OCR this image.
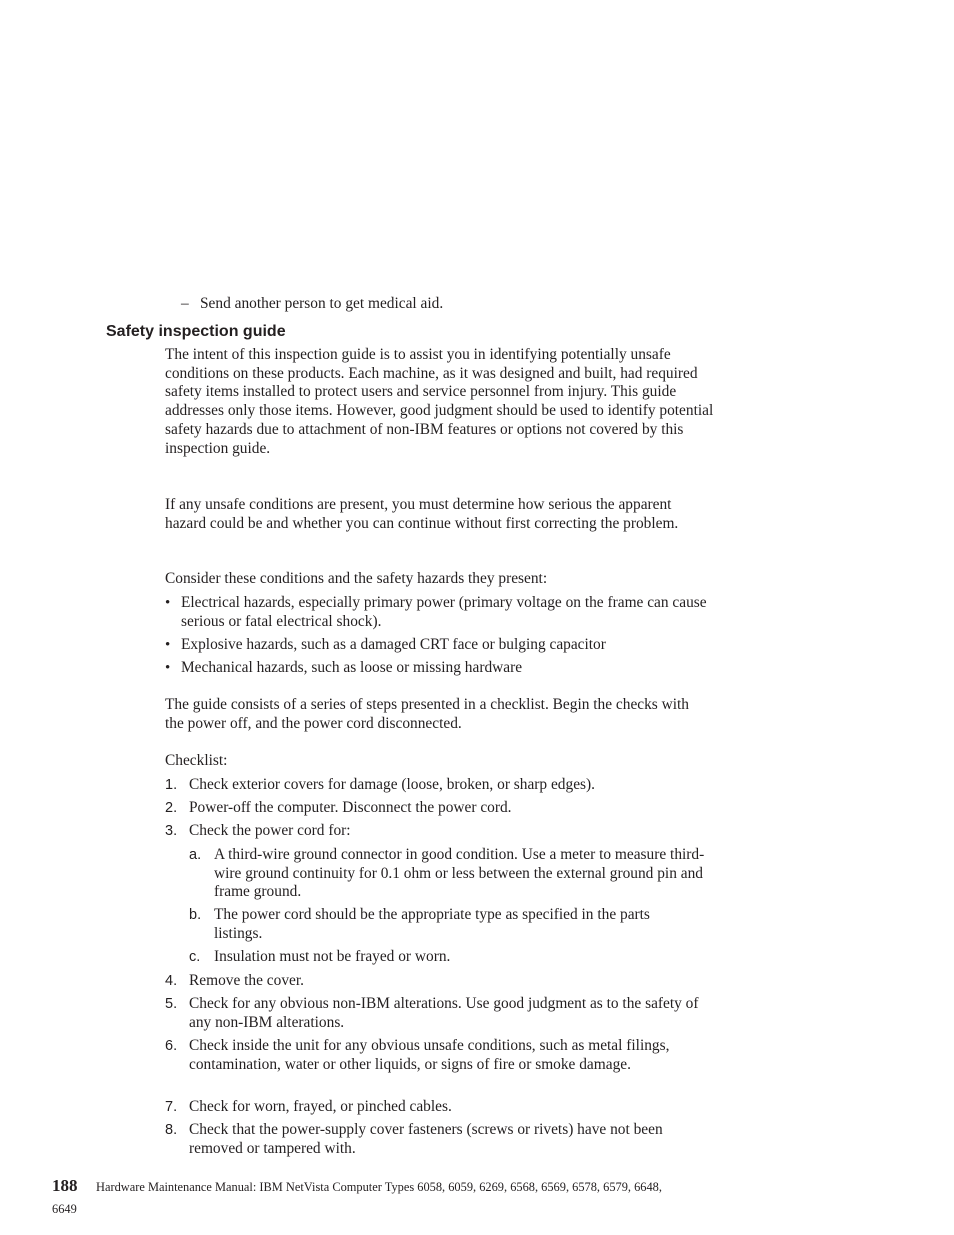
– Send another person to get medical aid.
Safety inspection guide
The intent of this inspection guide is to assist you in identifying potentially unsafe conditions on these products. Each machine, as it was designed and built, had required safety items installed to protect users and service personnel from injury. This guide addresses only those items. However, good judgment should be used to identify potential safety hazards due to attachment of non-IBM features or options not covered by this inspection guide.
If any unsafe conditions are present, you must determine how serious the apparent hazard could be and whether you can continue without first correcting the problem.
Consider these conditions and the safety hazards they present:
• Electrical hazards, especially primary power (primary voltage on the frame can cause serious or fatal electrical shock).
• Explosive hazards, such as a damaged CRT face or bulging capacitor
• Mechanical hazards, such as loose or missing hardware
The guide consists of a series of steps presented in a checklist. Begin the checks with the power off, and the power cord disconnected.
Checklist:
1. Check exterior covers for damage (loose, broken, or sharp edges).
2. Power-off the computer. Disconnect the power cord.
3. Check the power cord for:
a. A third-wire ground connector in good condition. Use a meter to measure third-wire ground continuity for 0.1 ohm or less between the external ground pin and frame ground.
b. The power cord should be the appropriate type as specified in the parts listings.
c. Insulation must not be frayed or worn.
4. Remove the cover.
5. Check for any obvious non-IBM alterations. Use good judgment as to the safety of any non-IBM alterations.
6. Check inside the unit for any obvious unsafe conditions, such as metal filings, contamination, water or other liquids, or signs of fire or smoke damage.
7. Check for worn, frayed, or pinched cables.
8. Check that the power-supply cover fasteners (screws or rivets) have not been removed or tampered with.
188 Hardware Maintenance Manual: IBM NetVista Computer Types 6058, 6059, 6269, 6568, 6569, 6578, 6579, 6648,
6649
